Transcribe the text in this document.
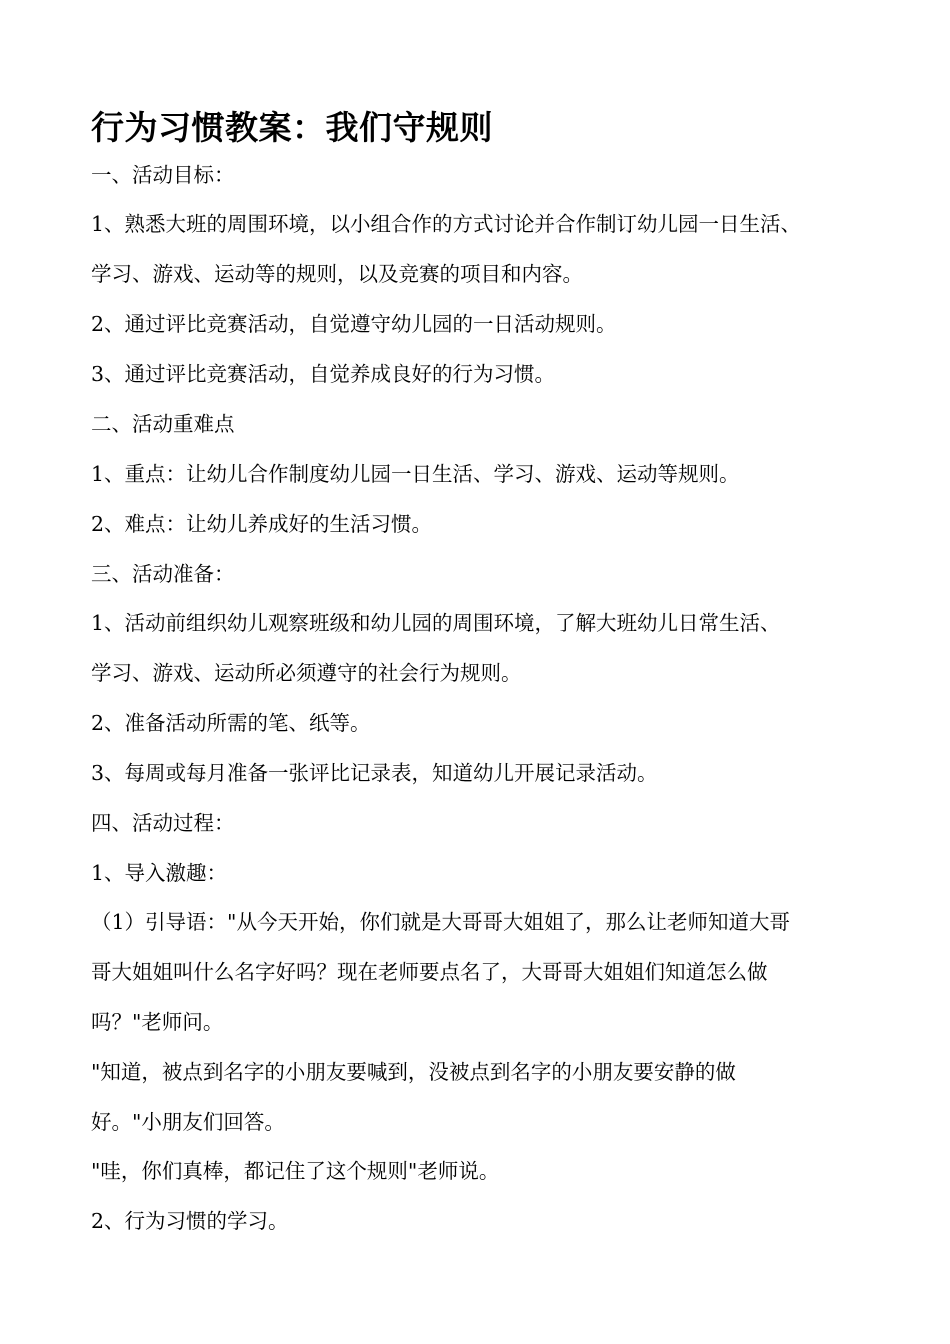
行为习惯教案：我们守规则

一、活动目标：

1、熟悉大班的周围环境，以小组合作的方式讨论并合作制订幼儿园一日生活、

学习、游戏、运动等的规则，以及竞赛的项目和内容。

2、通过评比竞赛活动，自觉遵守幼儿园的一日活动规则。

3、通过评比竞赛活动，自觉养成良好的行为习惯。

二、活动重难点

1、重点：让幼儿合作制度幼儿园一日生活、学习、游戏、运动等规则。

2、难点：让幼儿养成好的生活习惯。

三、活动准备：

1、活动前组织幼儿观察班级和幼儿园的周围环境，了解大班幼儿日常生活、

学习、游戏、运动所必须遵守的社会行为规则。

2、准备活动所需的笔、纸等。

3、每周或每月准备一张评比记录表，知道幼儿开展记录活动。

四、活动过程：

1、导入激趣：

（1）引导语："从今天开始，你们就是大哥哥大姐姐了，那么让老师知道大哥

哥大姐姐叫什么名字好吗？现在老师要点名了，大哥哥大姐姐们知道怎么做

吗？"老师问。

"知道，被点到名字的小朋友要喊到，没被点到名字的小朋友要安静的做

好。"小朋友们回答。

"哇，你们真棒，都记住了这个规则"老师说。

2、行为习惯的学习。
